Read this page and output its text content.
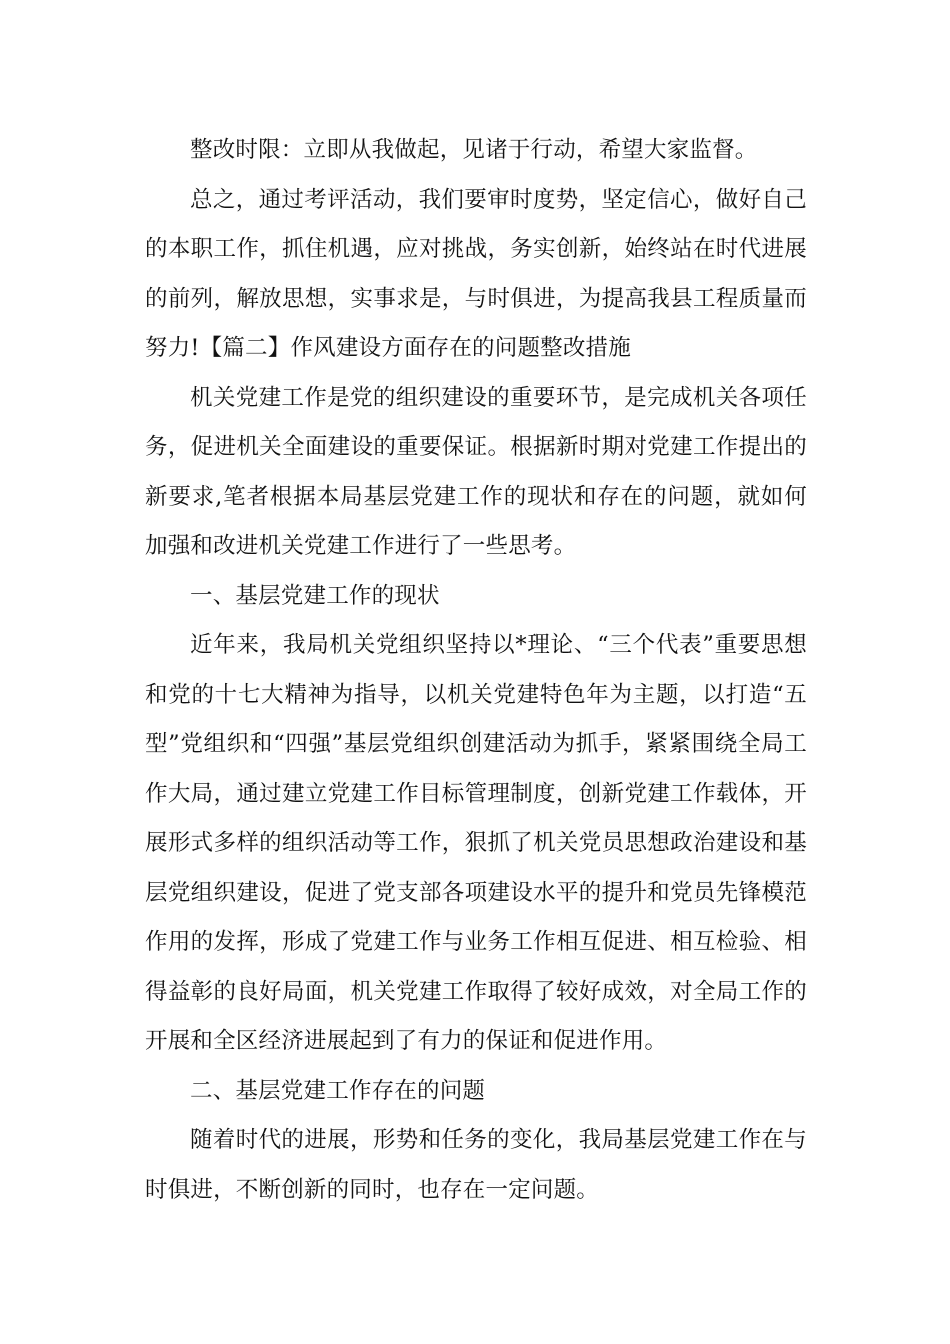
整改时限：立即从我做起，见诸于行动，希望大家监督。

总之，通过考评活动，我们要审时度势，坚定信心，做好自己的本职工作，抓住机遇，应对挑战，务实创新，始终站在时代进展的前列，解放思想，实事求是，与时俱进，为提高我县工程质量而努力!【篇二】作风建设方面存在的问题整改措施

机关党建工作是党的组织建设的重要环节，是完成机关各项任务，促进机关全面建设的重要保证。根据新时期对党建工作提出的新要求,笔者根据本局基层党建工作的现状和存在的问题，就如何加强和改进机关党建工作进行了一些思考。

一、基层党建工作的现状

近年来，我局机关党组织坚持以*理论、“三个代表”重要思想和党的十七大精神为指导，以机关党建特色年为主题，以打造“五型”党组织和“四强”基层党组织创建活动为抓手，紧紧围绕全局工作大局，通过建立党建工作目标管理制度，创新党建工作载体，开展形式多样的组织活动等工作，狠抓了机关党员思想政治建设和基层党组织建设，促进了党支部各项建设水平的提升和党员先锋模范作用的发挥，形成了党建工作与业务工作相互促进、相互检验、相得益彰的良好局面，机关党建工作取得了较好成效，对全局工作的开展和全区经济进展起到了有力的保证和促进作用。

二、基层党建工作存在的问题

随着时代的进展，形势和任务的变化，我局基层党建工作在与时俱进，不断创新的同时，也存在一定问题。
